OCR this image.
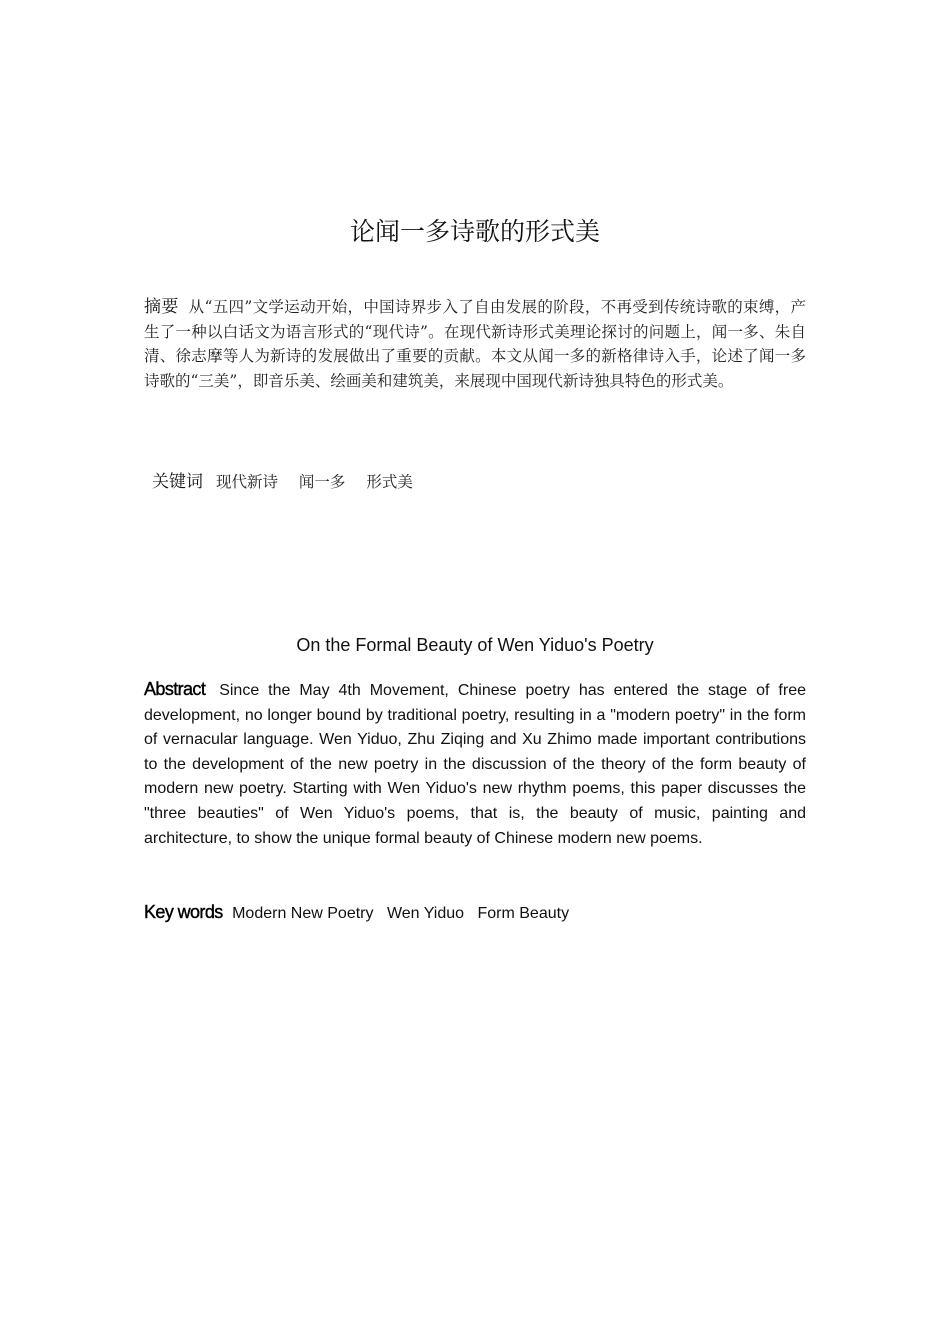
论闻一多诗歌的形式美
摘要 从“五四”文学运动开始，中国诗界步入了自由发展的阶段，不再受到传统诗歌的束缚，产生了一种以白话文为语言形式的“现代诗”。在现代新诗形式美理论探讨的问题上，闻一多、朱自清、徐志摩等人为新诗的发展做出了重要的贡献。本文从闻一多的新格律诗入手，论述了闻一多诗歌的“三美”，即音乐美、绘画美和建筑美，来展现中国现代新诗独具特色的形式美。
关键词 现代新诗 闻一多 形式美
On the Formal Beauty of Wen Yiduo's Poetry
Abstract Since the May 4th Movement, Chinese poetry has entered the stage of free development, no longer bound by traditional poetry, resulting in a "modern poetry" in the form of vernacular language. Wen Yiduo, Zhu Ziqing and Xu Zhimo made important contributions to the development of the new poetry in the discussion of the theory of the form beauty of modern new poetry. Starting with Wen Yiduo's new rhythm poems, this paper discusses the "three beauties" of Wen Yiduo's poems, that is, the beauty of music, painting and architecture, to show the unique formal beauty of Chinese modern new poems.
Key words Modern New Poetry Wen Yiduo Form Beauty
